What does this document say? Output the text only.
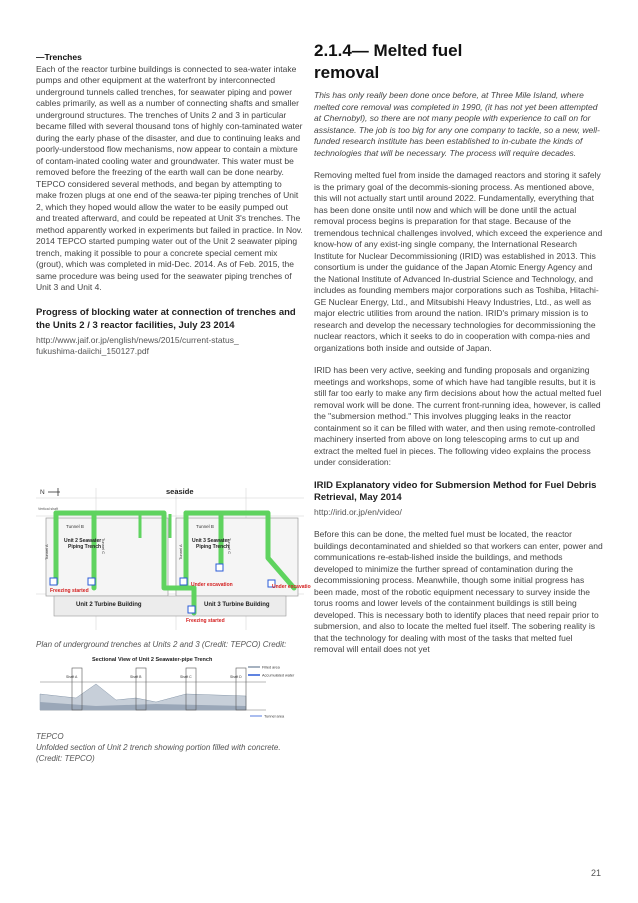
—Trenches
Each of the reactor turbine buildings is connected to sea-water intake pumps and other equipment at the waterfront by interconnected underground tunnels called trenches, for seawater piping and power cables primarily, as well as a number of connecting shafts and smaller underground structures. The trenches of Units 2 and 3 in particular became filled with several thousand tons of highly con-taminated water during the early phase of the disaster, and due to continuing leaks and poorly-understood flow mechanisms, now appear to contain a mixture of contam-inated cooling water and groundwater. This water must be removed before the freezing of the earth wall can be done nearby. TEPCO considered several methods, and began by attempting to make frozen plugs at one end of the seawa-ter piping trenches of Unit 2, which they hoped would allow the water to be easily pumped out and treated afterward, and could be repeated at Unit 3's trenches. The method apparently worked in experiments but failed in practice. In Nov. 2014 TEPCO started pumping water out of the Unit 2 seawater piping trench, making it possible to pour a concrete special cement mix (grout), which was completed in mid-Dec. 2014. As of Feb. 2015, the same procedure was being used for the seawater piping trenches of Unit 3 and Unit 4.
Progress of blocking water at connection of trenches and the Units 2 / 3 reactor facilities, July 23 2014
http://www.jaif.or.jp/english/news/2015/current-status_
fukushima-daiichi_150127.pdf
N	seaside
Tunnel B	Tunnel B
Unit 2 Seawater
Piping Trench
Unit 3 Seawater
Piping Trench
Unit 2 Turbine Building	Unit 3 Turbine Building
Freezing started
Freezing started
Under excavation	Under excavatio
Vertical shaft
Tunnel A	Tunnel A
Tunnel C	Tunnel C
Plan of underground trenches at Units 2 and 3 (Credit: TEPCO) Credit:
Sectional View of Unit 2 Seawater-pipe Trench
Shaft A	Shaft B	Shaft C	Shaft D
Filled area
Accumulated water
Tunnel area
TEPCO
Unfolded section of Unit 2 trench showing portion filled with concrete.
(Credit: TEPCO)
2.1.4— Melted fuel
removal
This has only really been done once before, at Three Mile Island, where melted core removal was completed in 1990, (it has not yet been attempted at Chernobyl), so there are not many people with experience to call on for assistance. The job is too big for any one company to tackle, so a new, well-funded research institute has been established to in-cubate the kinds of technologies that will be necessary. The process will require decades.
Removing melted fuel from inside the damaged reactors and storing it safely is the primary goal of the decommis-sioning process. As mentioned above, this will not actually start until around 2022. Fundamentally, everything that has been done onsite until now and which will be done until the actual removal process begins is preparation for that stage. Because of the tremendous technical challenges involved, which exceed the experience and know-how of any exist-ing single company, the International Research Institute for Nuclear Decommissioning (IRID) was established in 2013. This consortium is under the guidance of the Japan Atomic Energy Agency and the National Institute of Advanced In-dustrial Science and Technology, and includes as founding members major corporations such as Toshiba, Hitachi-GE Nuclear Energy, Ltd., and Mitsubishi Heavy Industries, Ltd., as well as major electric utilities from around the nation. IRID's primary mission is to research and develop the necessary technologies for decommissioning the nuclear reactors, which it seeks to do in cooperation with compa-nies and organizations both inside and outside of Japan.
IRID has been very active, seeking and funding proposals and organizing meetings and workshops, some of which have had tangible results, but it is still far too early to make any firm decisions about how the actual melted fuel removal work will be done. The current front-running idea, however, is called the "submersion method." This involves plugging leaks in the reactor containment so it can be filled with water, and then using remote-controlled machinery inserted from above on long telescoping arms to cut up and extract the melted fuel in pieces. The following video explains the process under consideration:
IRID Explanatory video for Submersion Method for Fuel Debris Retrieval, May 2014
http://irid.or.jp/en/video/
Before this can be done, the melted fuel must be located, the reactor buildings decontaminated and shielded so that workers can enter, power and communications re-estab-lished inside the buildings, and methods developed to minimize the further spread of contamination during the decommissioning process. Meanwhile, though some initial progress has been made, most of the robotic equipment necessary to survey inside the torus rooms and lower levels of the containment buildings is still being developed. This is necessary both to identify places that need repair prior to submersion, and also to locate the melted fuel itself. The sobering reality is that the technology for dealing with most of the tasks that melted fuel removal will entail does not yet
21
